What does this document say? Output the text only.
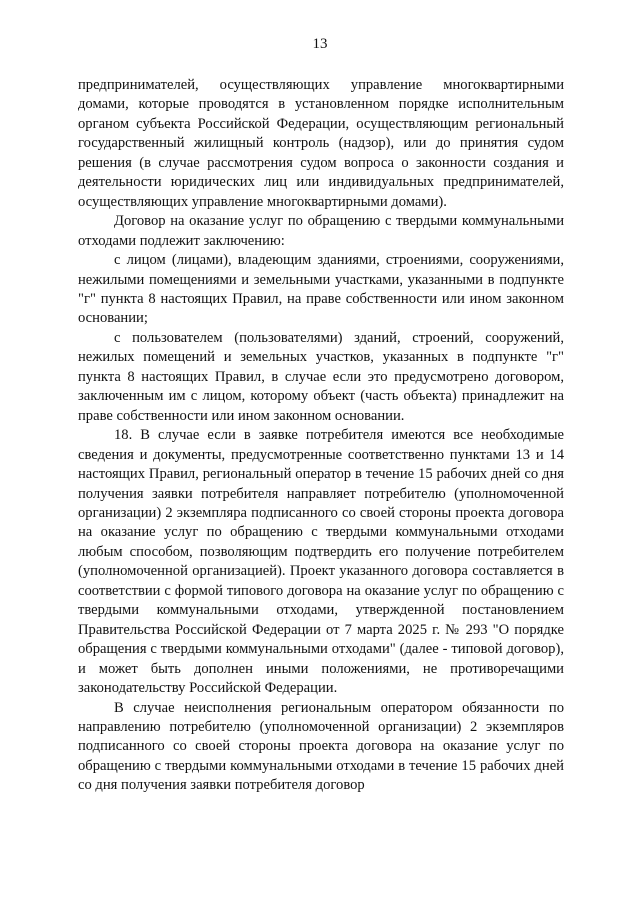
13

предпринимателей, осуществляющих управление многоквартирными домами, которые проводятся в установленном порядке исполнительным органом субъекта Российской Федерации, осуществляющим региональный государственный жилищный контроль (надзор), или до принятия судом решения (в случае рассмотрения судом вопроса о законности создания и деятельности юридических лиц или индивидуальных предпринимателей, осуществляющих управление многоквартирными домами).

Договор на оказание услуг по обращению с твердыми коммунальными отходами подлежит заключению:

с лицом (лицами), владеющим зданиями, строениями, сооружениями, нежилыми помещениями и земельными участками, указанными в подпункте "г" пункта 8 настоящих Правил, на праве собственности или ином законном основании;

с пользователем (пользователями) зданий, строений, сооружений, нежилых помещений и земельных участков, указанных в подпункте "г" пункта 8 настоящих Правил, в случае если это предусмотрено договором, заключенным им с лицом, которому объект (часть объекта) принадлежит на праве собственности или ином законном основании.

18. В случае если в заявке потребителя имеются все необходимые сведения и документы, предусмотренные соответственно пунктами 13 и 14 настоящих Правил, региональный оператор в течение 15 рабочих дней со дня получения заявки потребителя направляет потребителю (уполномоченной организации) 2 экземпляра подписанного со своей стороны проекта договора на оказание услуг по обращению с твердыми коммунальными отходами любым способом, позволяющим подтвердить его получение потребителем (уполномоченной организацией). Проект указанного договора составляется в соответствии с формой типового договора на оказание услуг по обращению с твердыми коммунальными отходами, утвержденной постановлением Правительства Российской Федерации от 7 марта 2025 г. № 293 "О порядке обращения с твердыми коммунальными отходами" (далее - типовой договор), и может быть дополнен иными положениями, не противоречащими законодательству Российской Федерации.

В случае неисполнения региональным оператором обязанности по направлению потребителю (уполномоченной организации) 2 экземпляров подписанного со своей стороны проекта договора на оказание услуг по обращению с твердыми коммунальными отходами в течение 15 рабочих дней со дня получения заявки потребителя договор
